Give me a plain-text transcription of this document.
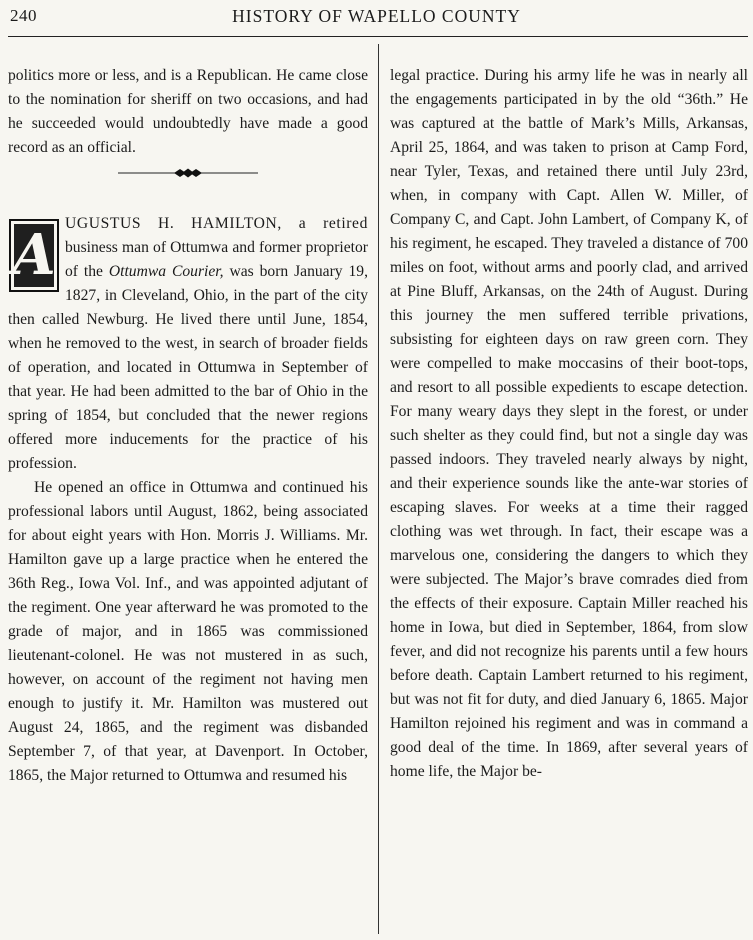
240	HISTORY OF WAPELLO COUNTY

politics more or less, and is a Republican. He came close to the nomination for sheriff on two occasions, and had he succeeded would undoubtedly have made a good record as an official.

A UGUSTUS H. HAMILTON, a retired business man of Ottumwa and former proprietor of the Ottumwa Courier, was born January 19, 1827, in Cleveland, Ohio, in the part of the city then called Newburg. He lived there until June, 1854, when he removed to the west, in search of broader fields of operation, and located in Ottumwa in September of that year. He had been admitted to the bar of Ohio in the spring of 1854, but concluded that the newer regions offered more inducements for the practice of his profession.

He opened an office in Ottumwa and continued his professional labors until August, 1862, being associated for about eight years with Hon. Morris J. Williams. Mr. Hamilton gave up a large practice when he entered the 36th Reg., Iowa Vol. Inf., and was appointed adjutant of the regiment. One year afterward he was promoted to the grade of major, and in 1865 was commissioned lieutenant-colonel. He was not mustered in as such, however, on account of the regiment not having men enough to justify it. Mr. Hamilton was mustered out August 24, 1865, and the regiment was disbanded September 7, of that year, at Davenport. In October, 1865, the Major returned to Ottumwa and resumed his

legal practice. During his army life he was in nearly all the engagements participated in by the old “36th.” He was captured at the battle of Mark’s Mills, Arkansas, April 25, 1864, and was taken to prison at Camp Ford, near Tyler, Texas, and retained there until July 23rd, when, in company with Capt. Allen W. Miller, of Company C, and Capt. John Lambert, of Company K, of his regiment, he escaped. They traveled a distance of 700 miles on foot, without arms and poorly clad, and arrived at Pine Bluff, Arkansas, on the 24th of August. During this journey the men suffered terrible privations, subsisting for eighteen days on raw green corn. They were compelled to make moccasins of their boot-tops, and resort to all possible expedients to escape detection. For many weary days they slept in the forest, or under such shelter as they could find, but not a single day was passed indoors. They traveled nearly always by night, and their experience sounds like the ante-war stories of escaping slaves. For weeks at a time their ragged clothing was wet through. In fact, their escape was a marvelous one, considering the dangers to which they were subjected. The Major’s brave comrades died from the effects of their exposure. Captain Miller reached his home in Iowa, but died in September, 1864, from slow fever, and did not recognize his parents until a few hours before death. Captain Lambert returned to his regiment, but was not fit for duty, and died January 6, 1865. Major Hamilton rejoined his regiment and was in command a good deal of the time. In 1869, after several years of home life, the Major be-
